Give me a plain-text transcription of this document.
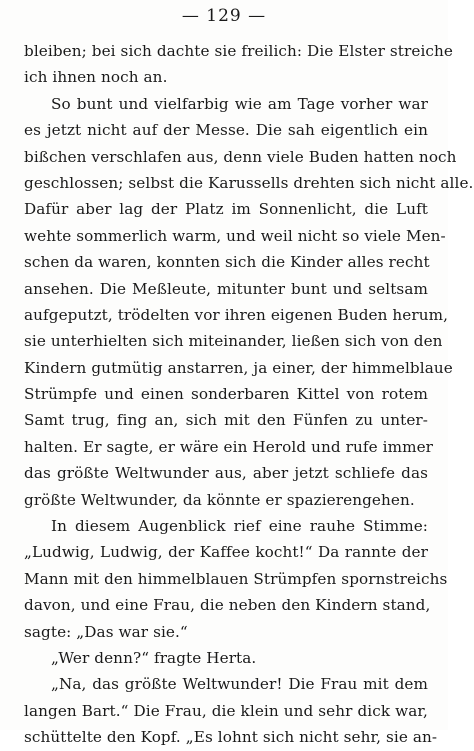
— 129 —
bleiben; bei sich dachte sie freilich: Die Elster streiche
ich ihnen noch an.
So bunt und vielfarbig wie am Tage vorher war
es jetzt nicht auf der Messe. Die sah eigentlich ein
bißchen verschlafen aus, denn viele Buden hatten noch
geschlossen; selbst die Karussells drehten sich nicht alle.
Dafür aber lag der Platz im Sonnenlicht, die Luft
wehte sommerlich warm, und weil nicht so viele Men-
schen da waren, konnten sich die Kinder alles recht
ansehen. Die Meßleute, mitunter bunt und seltsam
aufgeputzt, trödelten vor ihren eigenen Buden herum,
sie unterhielten sich miteinander, ließen sich von den
Kindern gutmütig anstarren, ja einer, der himmelblaue
Strümpfe und einen sonderbaren Kittel von rotem
Samt trug, fing an, sich mit den Fünfen zu unter-
halten. Er sagte, er wäre ein Herold und rufe immer
das größte Weltwunder aus, aber jetzt schliefe das
größte Weltwunder, da könnte er spazierengehen.
In diesem Augenblick rief eine rauhe Stimme:
„Ludwig, Ludwig, der Kaffee kocht!“ Da rannte der
Mann mit den himmelblauen Strümpfen spornstreichs
davon, und eine Frau, die neben den Kindern stand,
sagte: „Das war sie.“
„Wer denn?“ fragte Herta.
„Na, das größte Weltwunder! Die Frau mit dem
langen Bart.“ Die Frau, die klein und sehr dick war,
schüttelte den Kopf. „Es lohnt sich nicht sehr, sie an-
